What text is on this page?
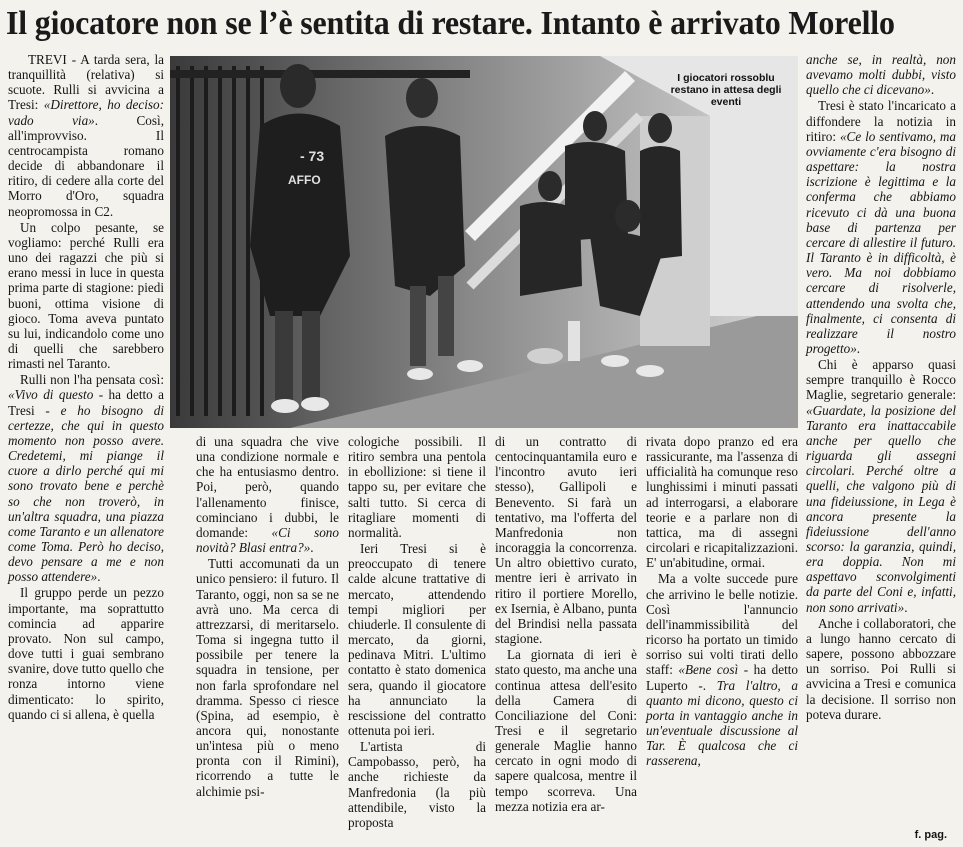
Il giocatore non se l’è sentita di restare. Intanto è arrivato Morello

TREVI - A tarda sera, la tranquillità (relativa) si scuote. Rulli si avvicina a Tresi: «Direttore, ho deciso: vado via». Così, all'improvviso. Il centrocampista romano decide di abbandonare il ritiro, di cedere alla corte del Morro d'Oro, squadra neopromossa in C2.

Un colpo pesante, se vogliamo: perché Rulli era uno dei ragazzi che più si erano messi in luce in questa prima parte di stagione: piedi buoni, ottima visione di gioco. Toma aveva puntato su lui, indicandolo come uno di quelli che sarebbero rimasti nel Taranto.

Rulli non l'ha pensata così: «Vivo di questo - ha detto a Tresi - e ho bisogno di certezze, che qui in questo momento non posso avere. Credetemi, mi piange il cuore a dirlo perché qui mi sono trovato bene e perchè so che non troverò, in un'altra squadra, una piazza come Taranto e un allenatore come Toma. Però ho deciso, devo pensare a me e non posso attendere».

Il gruppo perde un pezzo importante, ma soprattutto comincia ad apparire provato. Non sul campo, dove tutti i guai sembrano svanire, dove tutto quello che ronza intorno viene dimenticato: lo spirito, quando ci si allena, è quella

- 73
AFFO
I giocatori rossoblu restano in attesa degli eventi

di una squadra che vive una condizione normale e che ha entusiasmo dentro. Poi, però, quando l'allenamento finisce, cominciano i dubbi, le domande: «Ci sono novità? Blasi entra?».

Tutti accomunati da un unico pensiero: il futuro. Il Taranto, oggi, non sa se ne avrà uno. Ma cerca di attrezzarsi, di meritarselo. Toma si ingegna tutto il possibile per tenere la squadra in tensione, per non farla sprofondare nel dramma. Spesso ci riesce (Spina, ad esempio, è ancora qui, nonostante un'intesa più o meno pronta con il Rimini), ricorrendo a tutte le alchimie psi-

cologiche possibili. Il ritiro sembra una pentola in ebollizione: si tiene il tappo su, per evitare che salti tutto. Si cerca di ritagliare momenti di normalità.

Ieri Tresi si è preoccupato di tenere calde alcune trattative di mercato, attendendo tempi migliori per chiuderle. Il consulente di mercato, da giorni, pedinava Mitri. L'ultimo contatto è stato domenica sera, quando il giocatore ha annunciato la rescissione del contratto ottenuta poi ieri.

L'artista di Campobasso, però, ha anche richieste da Manfredonia (la più attendibile, visto la proposta

di un contratto di centocinquantamila euro e l'incontro avuto ieri stesso), Gallipoli e Benevento. Si farà un tentativo, ma l'offerta del Manfredonia non incoraggia la concorrenza. Un altro obiettivo curato, mentre ieri è arrivato in ritiro il portiere Morello, ex Isernia, è Albano, punta del Brindisi nella passata stagione.

La giornata di ieri è stato questo, ma anche una continua attesa dell'esito della Camera di Conciliazione del Coni: Tresi e il segretario generale Maglie hanno cercato in ogni modo di sapere qualcosa, mentre il tempo scorreva. Una mezza notizia era ar-

rivata dopo pranzo ed era rassicurante, ma l'assenza di ufficialità ha comunque reso lunghissimi i minuti passati ad interrogarsi, a elaborare teorie e a parlare non di tattica, ma di assegni circolari e ricapitalizzazioni. E' un'abitudine, ormai.

Ma a volte succede pure che arrivino le belle notizie. Così l'annuncio dell'inammissibilità del ricorso ha portato un timido sorriso sui volti tirati dello staff: «Bene così - ha detto Luperto -. Tra l'altro, a quanto mi dicono, questo ci porta in vantaggio anche in un'eventuale discussione al Tar. È qualcosa che ci rasserena,

anche se, in realtà, non avevamo molti dubbi, visto quello che ci dicevano».

Tresi è stato l'incaricato a diffondere la notizia in ritiro: «Ce lo sentivamo, ma ovviamente c'era bisogno di aspettare: la nostra iscrizione è legittima e la conferma che abbiamo ricevuto ci dà una buona base di partenza per cercare di allestire il futuro. Il Taranto è in difficoltà, è vero. Ma noi dobbiamo cercare di risolverle, attendendo una svolta che, finalmente, ci consenta di realizzare il nostro progetto».

Chi è apparso quasi sempre tranquillo è Rocco Maglie, segretario generale: «Guardate, la posizione del Taranto era inattaccabile anche per quello che riguarda gli assegni circolari. Perché oltre a quelli, che valgono più di una fideiussione, in Lega è ancora presente la fideiussione dell'anno scorso: la garanzia, quindi, era doppia. Non mi aspettavo sconvolgimenti da parte del Coni e, infatti, non sono arrivati».

Anche i collaboratori, che a lungo hanno cercato di sapere, possono abbozzare un sorriso. Poi Rulli si avvicina a Tresi e comunica la decisione. Il sorriso non poteva durare.

f. pag.
